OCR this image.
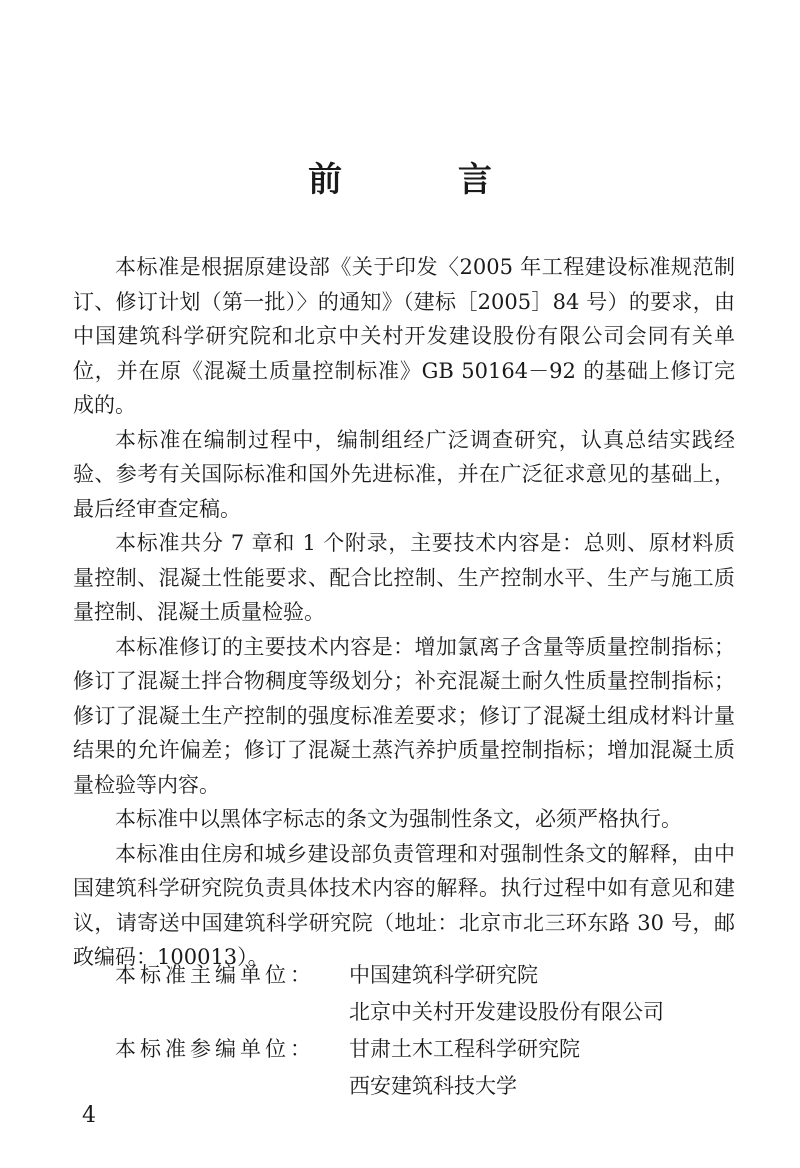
前 言

本标准是根据原建设部《关于印发〈2005 年工程建设标准规范制订、修订计划（第一批）〉的通知》（建标［2005］84 号）的要求，由中国建筑科学研究院和北京中关村开发建设股份有限公司会同有关单位，并在原《混凝土质量控制标准》GB 50164－92 的基础上修订完成的。

本标准在编制过程中，编制组经广泛调查研究，认真总结实践经验、参考有关国际标准和国外先进标准，并在广泛征求意见的基础上，最后经审查定稿。

本标准共分 7 章和 1 个附录，主要技术内容是：总则、原材料质量控制、混凝土性能要求、配合比控制、生产控制水平、生产与施工质量控制、混凝土质量检验。

本标准修订的主要技术内容是：增加氯离子含量等质量控制指标；修订了混凝土拌合物稠度等级划分；补充混凝土耐久性质量控制指标；修订了混凝土生产控制的强度标准差要求；修订了混凝土组成材料计量结果的允许偏差；修订了混凝土蒸汽养护质量控制指标；增加混凝土质量检验等内容。

本标准中以黑体字标志的条文为强制性条文，必须严格执行。

本标准由住房和城乡建设部负责管理和对强制性条文的解释，由中国建筑科学研究院负责具体技术内容的解释。执行过程中如有意见和建议，请寄送中国建筑科学研究院（地址：北京市北三环东路 30 号，邮政编码：100013）。

本标准主编单位：	中国建筑科学研究院
北京中关村开发建设股份有限公司
本标准参编单位：	甘肃土木工程科学研究院
西安建筑科技大学
4
